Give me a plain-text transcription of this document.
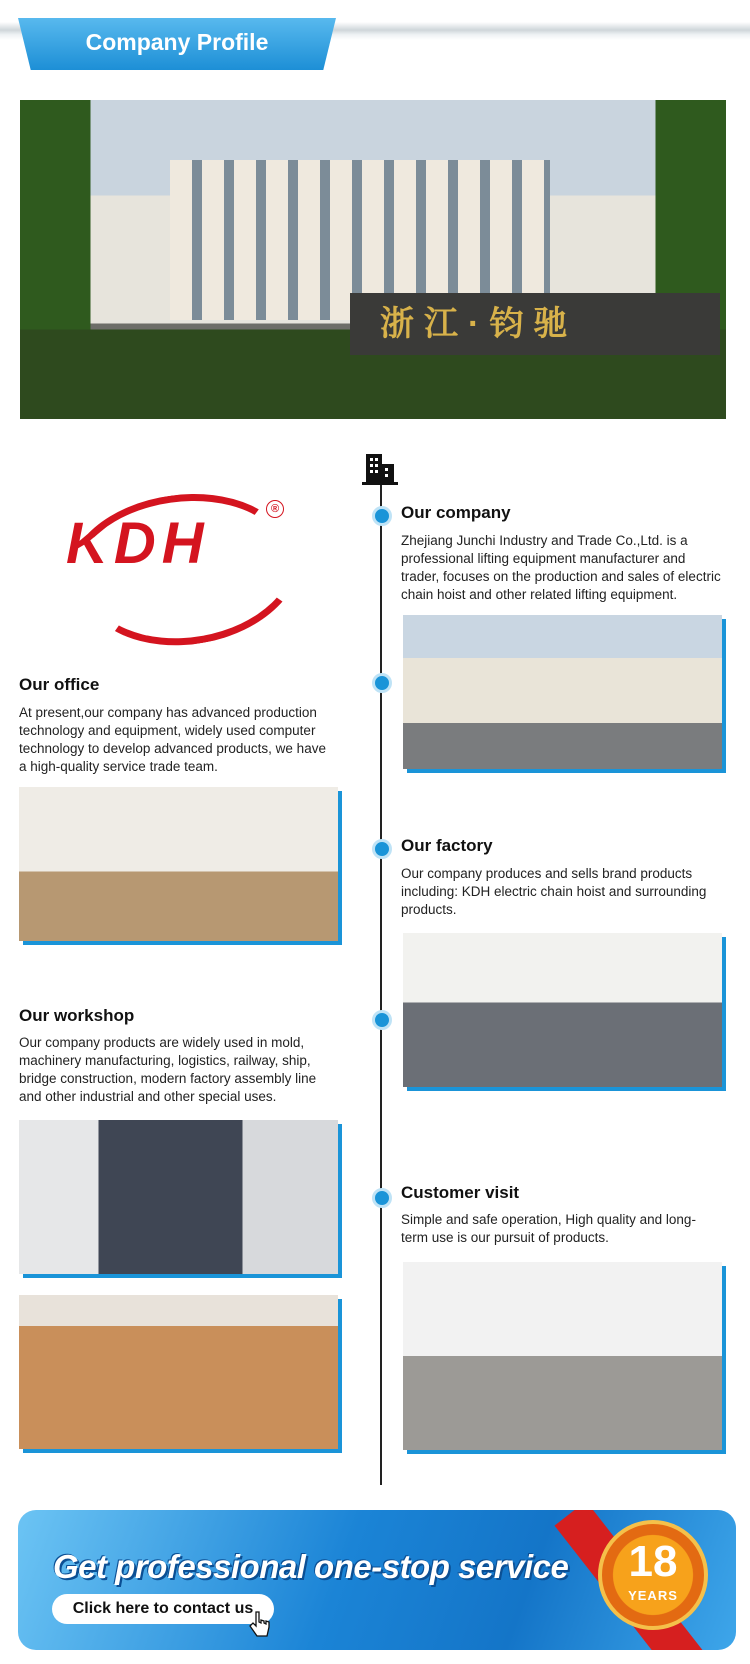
Company Profile
浙江·钧驰
KDH
®	Our company
Zhejiang Junchi Industry and Trade Co.,Ltd. is a professional lifting equipment manufacturer and trader, focuses on the production and sales of electric chain hoist and other related lifting equipment.
Our office
At present,our company has advanced production technology and equipment, widely used computer technology to develop advanced products, we have a high-quality service trade team.
Our factory
Our company produces and sells brand products including: KDH electric chain hoist and surrounding products.
Our workshop
Our company products are widely used in mold, machinery manufacturing, logistics, railway, ship, bridge construction, modern factory assembly line and other industrial and other special uses.
Customer visit
Simple and safe operation, High quality and long-term use is our pursuit of products.
Get professional one-stop service
Click here to contact us
18
YEARS
